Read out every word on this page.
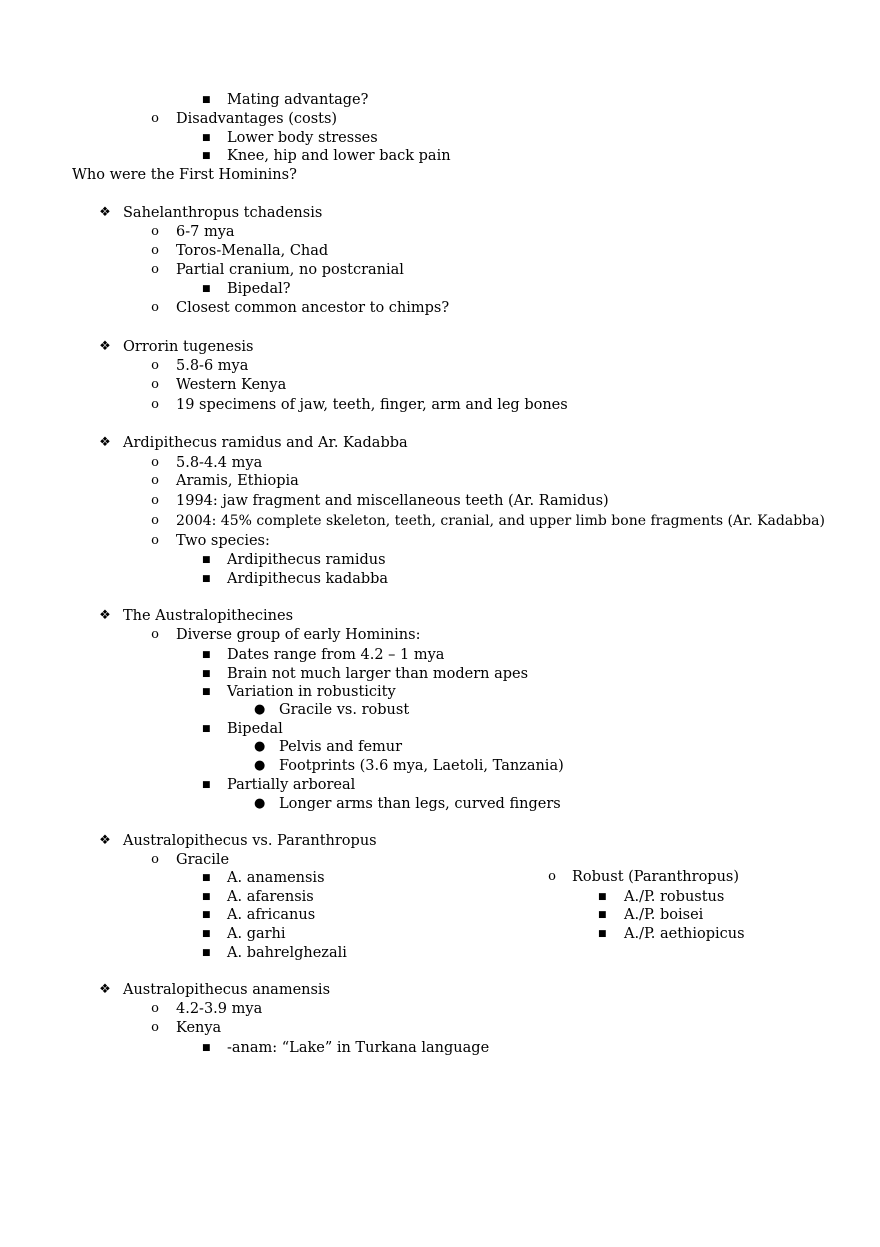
■ Mating advantage?
o Disadvantages (costs)
■ Lower body stresses
■ Knee, hip and lower back pain
Who were the First Hominins?
❖ Sahelanthropus tchadensis
o 6-7 mya
o Toros-Menalla, Chad
o Partial cranium, no postcranial
■ Bipedal?
o Closest common ancestor to chimps?
❖ Orrorin tugenesis
o 5.8-6 mya
o Western Kenya
o 19 specimens of jaw, teeth, finger, arm and leg bones
❖ Ardipithecus ramidus and Ar. Kadabba
o 5.8-4.4 mya
o Aramis, Ethiopia
o 1994: jaw fragment and miscellaneous teeth (Ar. Ramidus)
o 2004: 45% complete skeleton, teeth, cranial, and upper limb bone fragments (Ar. Kadabba)
o Two species:
■ Ardipithecus ramidus
■ Ardipithecus kadabba
❖ The Australopithecines
o Diverse group of early Hominins:
■ Dates range from 4.2 – 1 mya
■ Brain not much larger than modern apes
■ Variation in robusticity
● Gracile vs. robust
■ Bipedal
● Pelvis and femur
● Footprints (3.6 mya, Laetoli, Tanzania)
■ Partially arboreal
● Longer arms than legs, curved fingers
❖ Australopithecus vs. Paranthropus
o Gracile
■ A. anamensis
■ A. afarensis
■ A. africanus
■ A. garhi
■ A. bahrelghezali
o Robust (Paranthropus)
■ A./P. robustus
■ A./P. boisei
■ A./P. aethiopicus
❖ Australopithecus anamensis
o 4.2-3.9 mya
o Kenya
■ -anam: “Lake” in Turkana language
